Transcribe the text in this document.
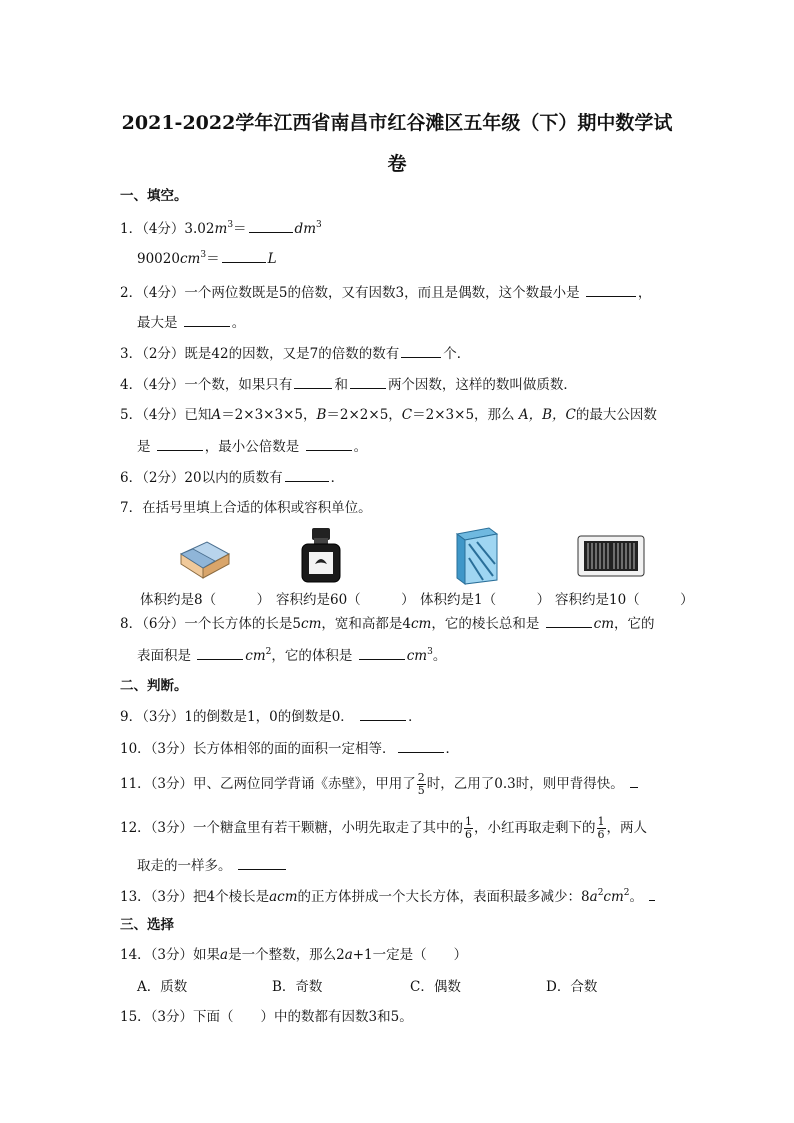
2021-2022学年江西省南昌市红谷滩区五年级（下）期中数学试
卷
一、填空。
1．（4分）$3.02m^3=$	$dm^3$
$90020cm^3=$	L
2．（4分）一个两位数既是5的倍数，又有因数3，而且是偶数，这个数最小是	，
最大是	。
3．（2分）既是42的因数，又是7的倍数的数有	个．
4．（4分）一个数，如果只有	和	两个因数，这样的数叫做质数．
5．（4分）已知A＝2×3×3×5，B＝2×2×5，C＝2×3×5，那么 A，B，C的最大公因数
是	，最小公倍数是	。
6．（2分）20以内的质数有	．
7．在括号里填上合适的体积或容积单位。
体积约是8（　　　） 容积约是60（　　　） 体积约是1（　　　） 容积约是10（　　　）
8．（6分）一个长方体的长是5cm，宽和高都是4cm，它的棱长总和是	cm，它的
表面积是	$cm^2$，它的体积是	$cm^3$。
二、判断。
9．（3分）1的倒数是1，0的倒数是0．	．
10．（3分）长方体相邻的面的面积一定相等．	．
11．（3分）甲、乙两位同学背诵《赤壁》，甲用了 $\frac{2}{5}$ 时，乙用了0.3时，则甲背得快。
12．（3分）一个糖盒里有若干颗糖，小明先取走了其中的 $\frac{1}{6}$ ，小红再取走剩下的 $\frac{1}{6}$ ，两人
取走的一样多。
13．（3分）把4个棱长是acm的正方体拼成一个大长方体，表面积最多减少：$8a^2cm^2$。
三、选择
14．（3分）如果a是一个整数，那么2a+1一定是（　　）
A．质数	B．奇数	C．偶数	D．合数
15．（3分）下面（　　）中的数都有因数3和5。
